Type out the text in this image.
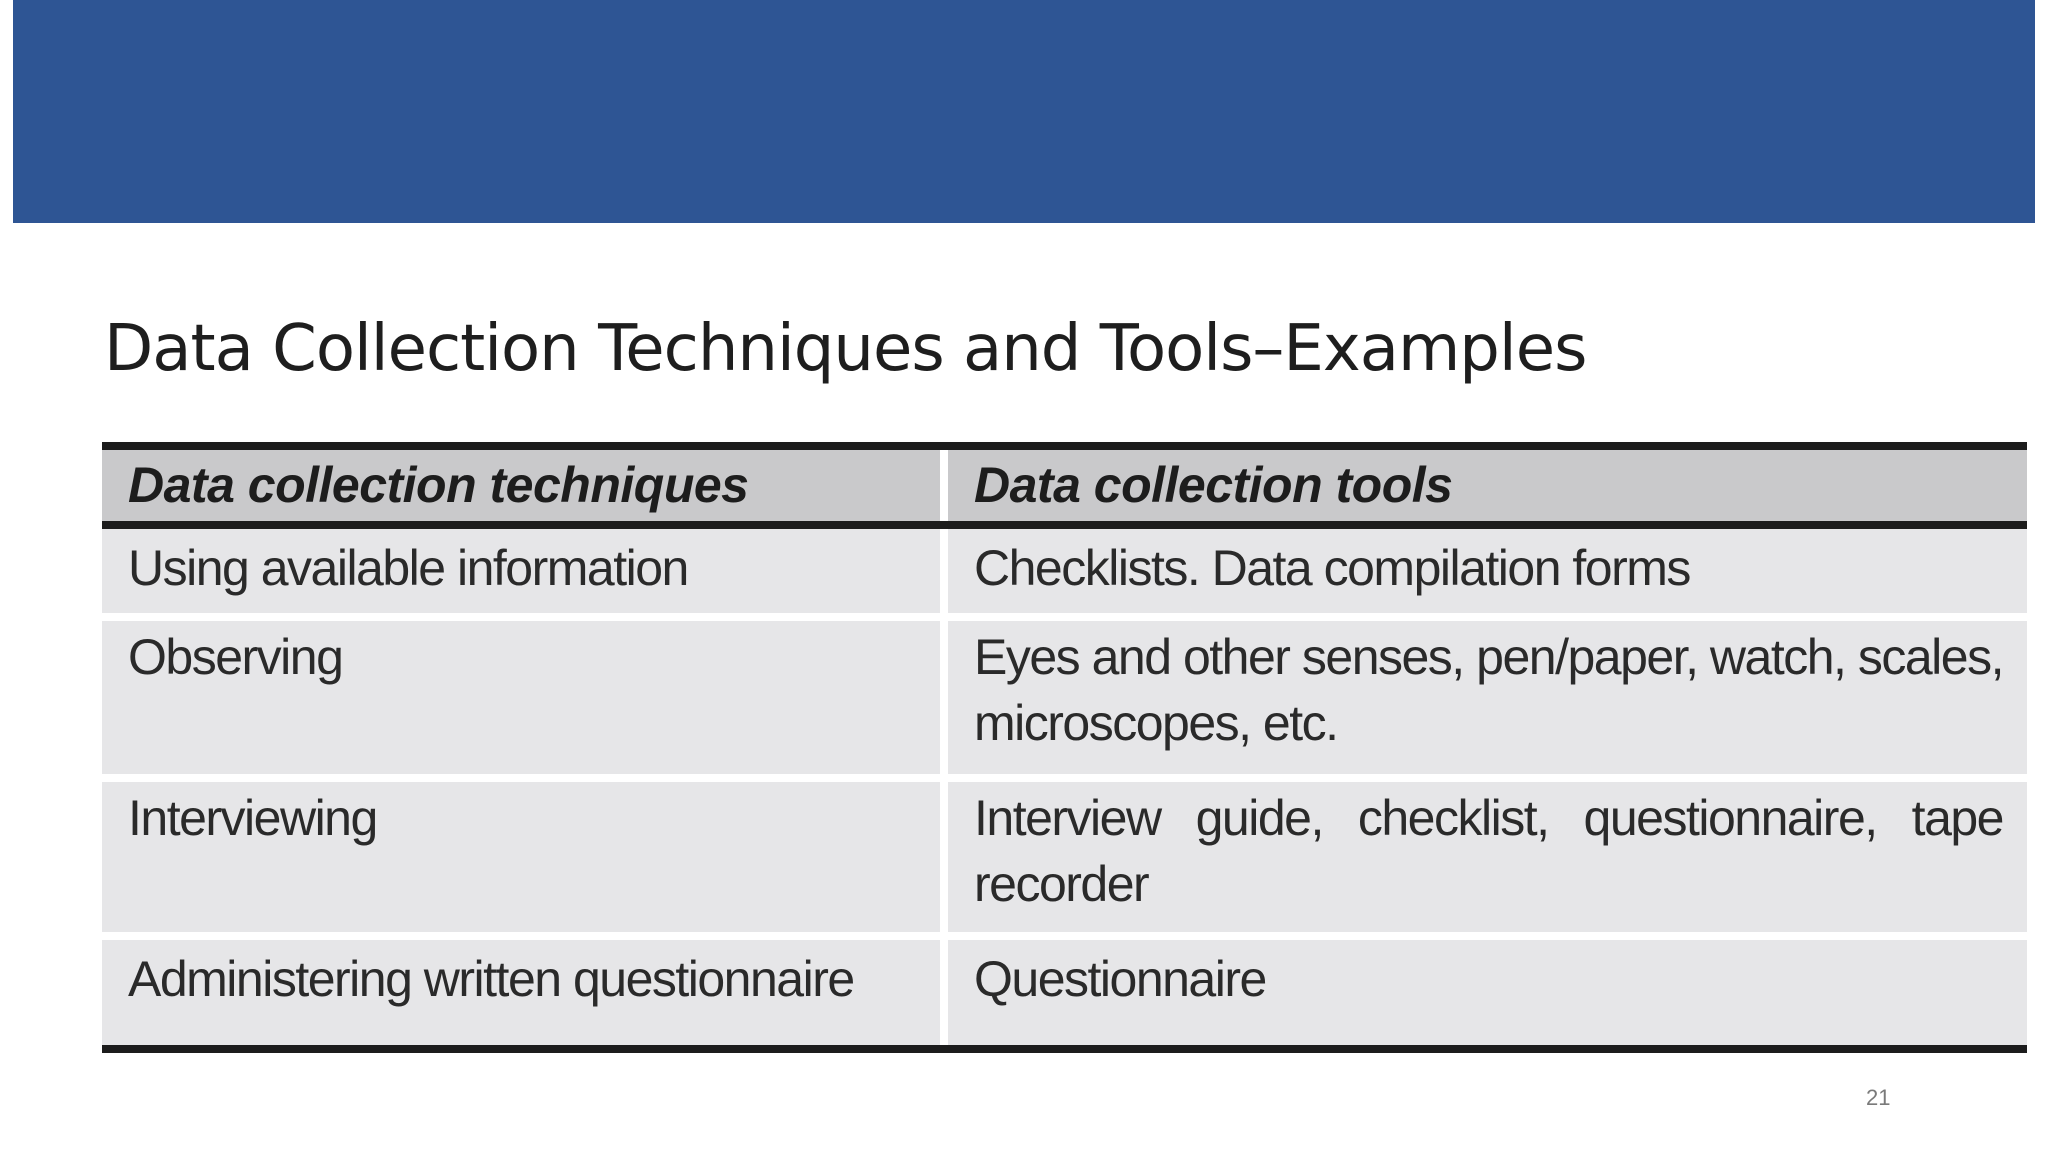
Data Collection Techniques and Tools–Examples
Data collection techniques	Data collection tools
Using available information	Checklists. Data compilation forms
Observing	Eyes and other senses, pen/paper, watch, scales, microscopes, etc.
Interviewing	Interview guide, checklist, questionnaire, tape recorder
Administering written questionnaire	Questionnaire
21
